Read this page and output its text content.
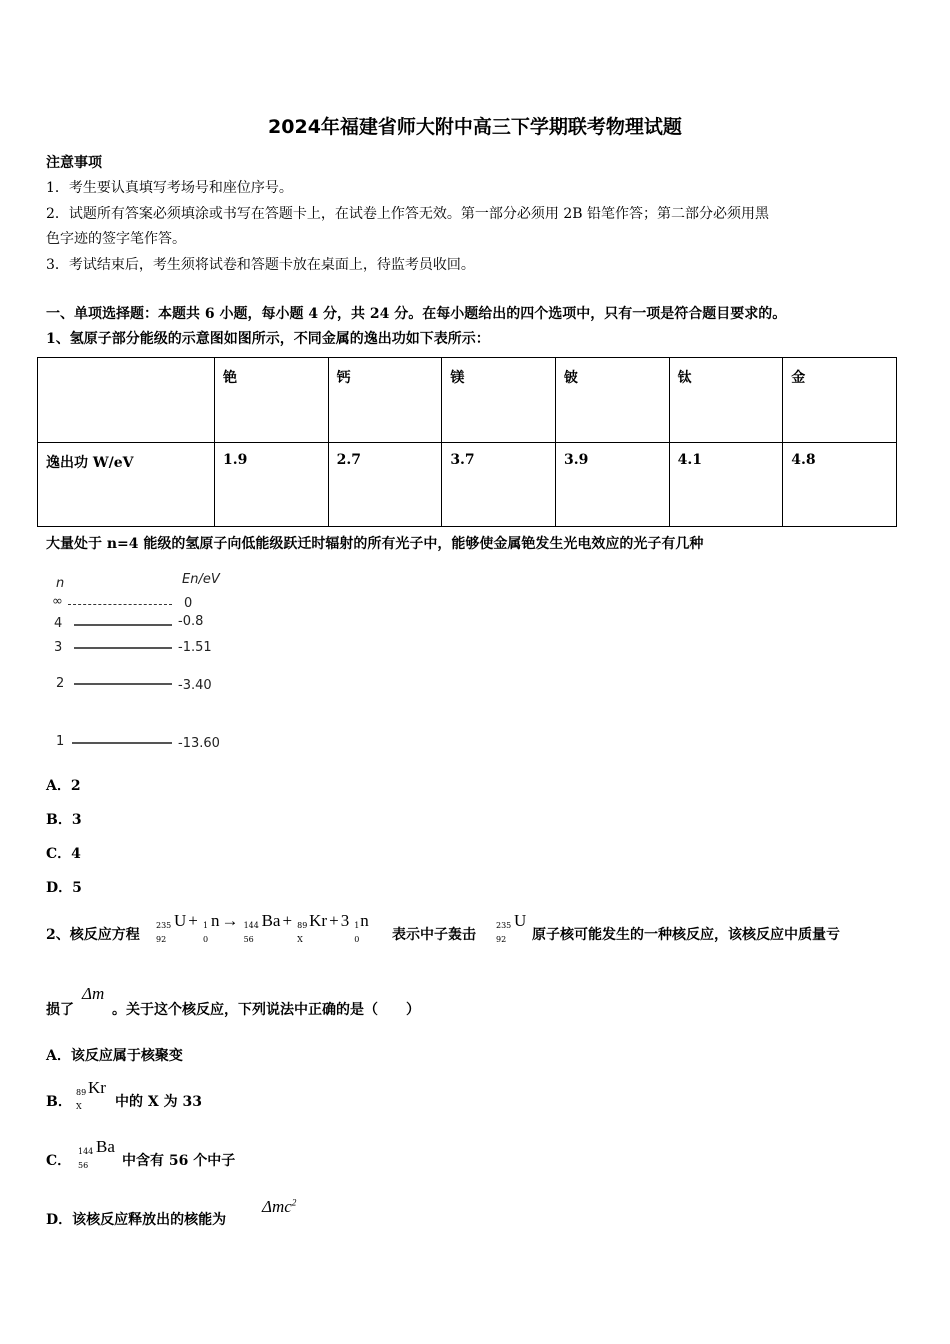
2024年福建省师大附中高三下学期联考物理试题
注意事项
1．考生要认真填写考场号和座位序号。
2．试题所有答案必须填涂或书写在答题卡上，在试卷上作答无效。第一部分必须用 2B 铅笔作答；第二部分必须用黑
色字迹的签字笔作答。
3．考试结束后，考生须将试卷和答题卡放在桌面上，待监考员收回。
一、单项选择题：本题共 6 小题，每小题 4 分，共 24 分。在每小题给出的四个选项中，只有一项是符合题目要求的。
1、氢原子部分能级的示意图如图所示，不同金属的逸出功如下表所示：
	铯	钙	镁	铍	钛	金
逸出功 W/eV	1.9	2.7	3.7	3.9	4.1	4.8
大量处于 n=4 能级的氢原子向低能级跃迁时辐射的所有光子中，能够使金属铯发生光电效应的光子有几种
n	En/eV
∞	0
4	-0.8
3	-1.51
2	-3.40
1	-13.60
A．2
B．3
C．4
D．5
2、核反应方程
235
92
U + 1
0
n → 144
56
Ba + 89
X
Kr + 3 1
0
n
表示中子轰击
235
92
U
原子核可能发生的一种核反应，该核反应中质量亏
损了
Δm
。关于这个核反应，下列说法中正确的是（　　）
A．该反应属于核聚变
B．
89
X
Kr
中的 X 为 33
C．
144
56
Ba
中含有 56 个中子
D．该核反应释放出的核能为
Δmc$^2$
